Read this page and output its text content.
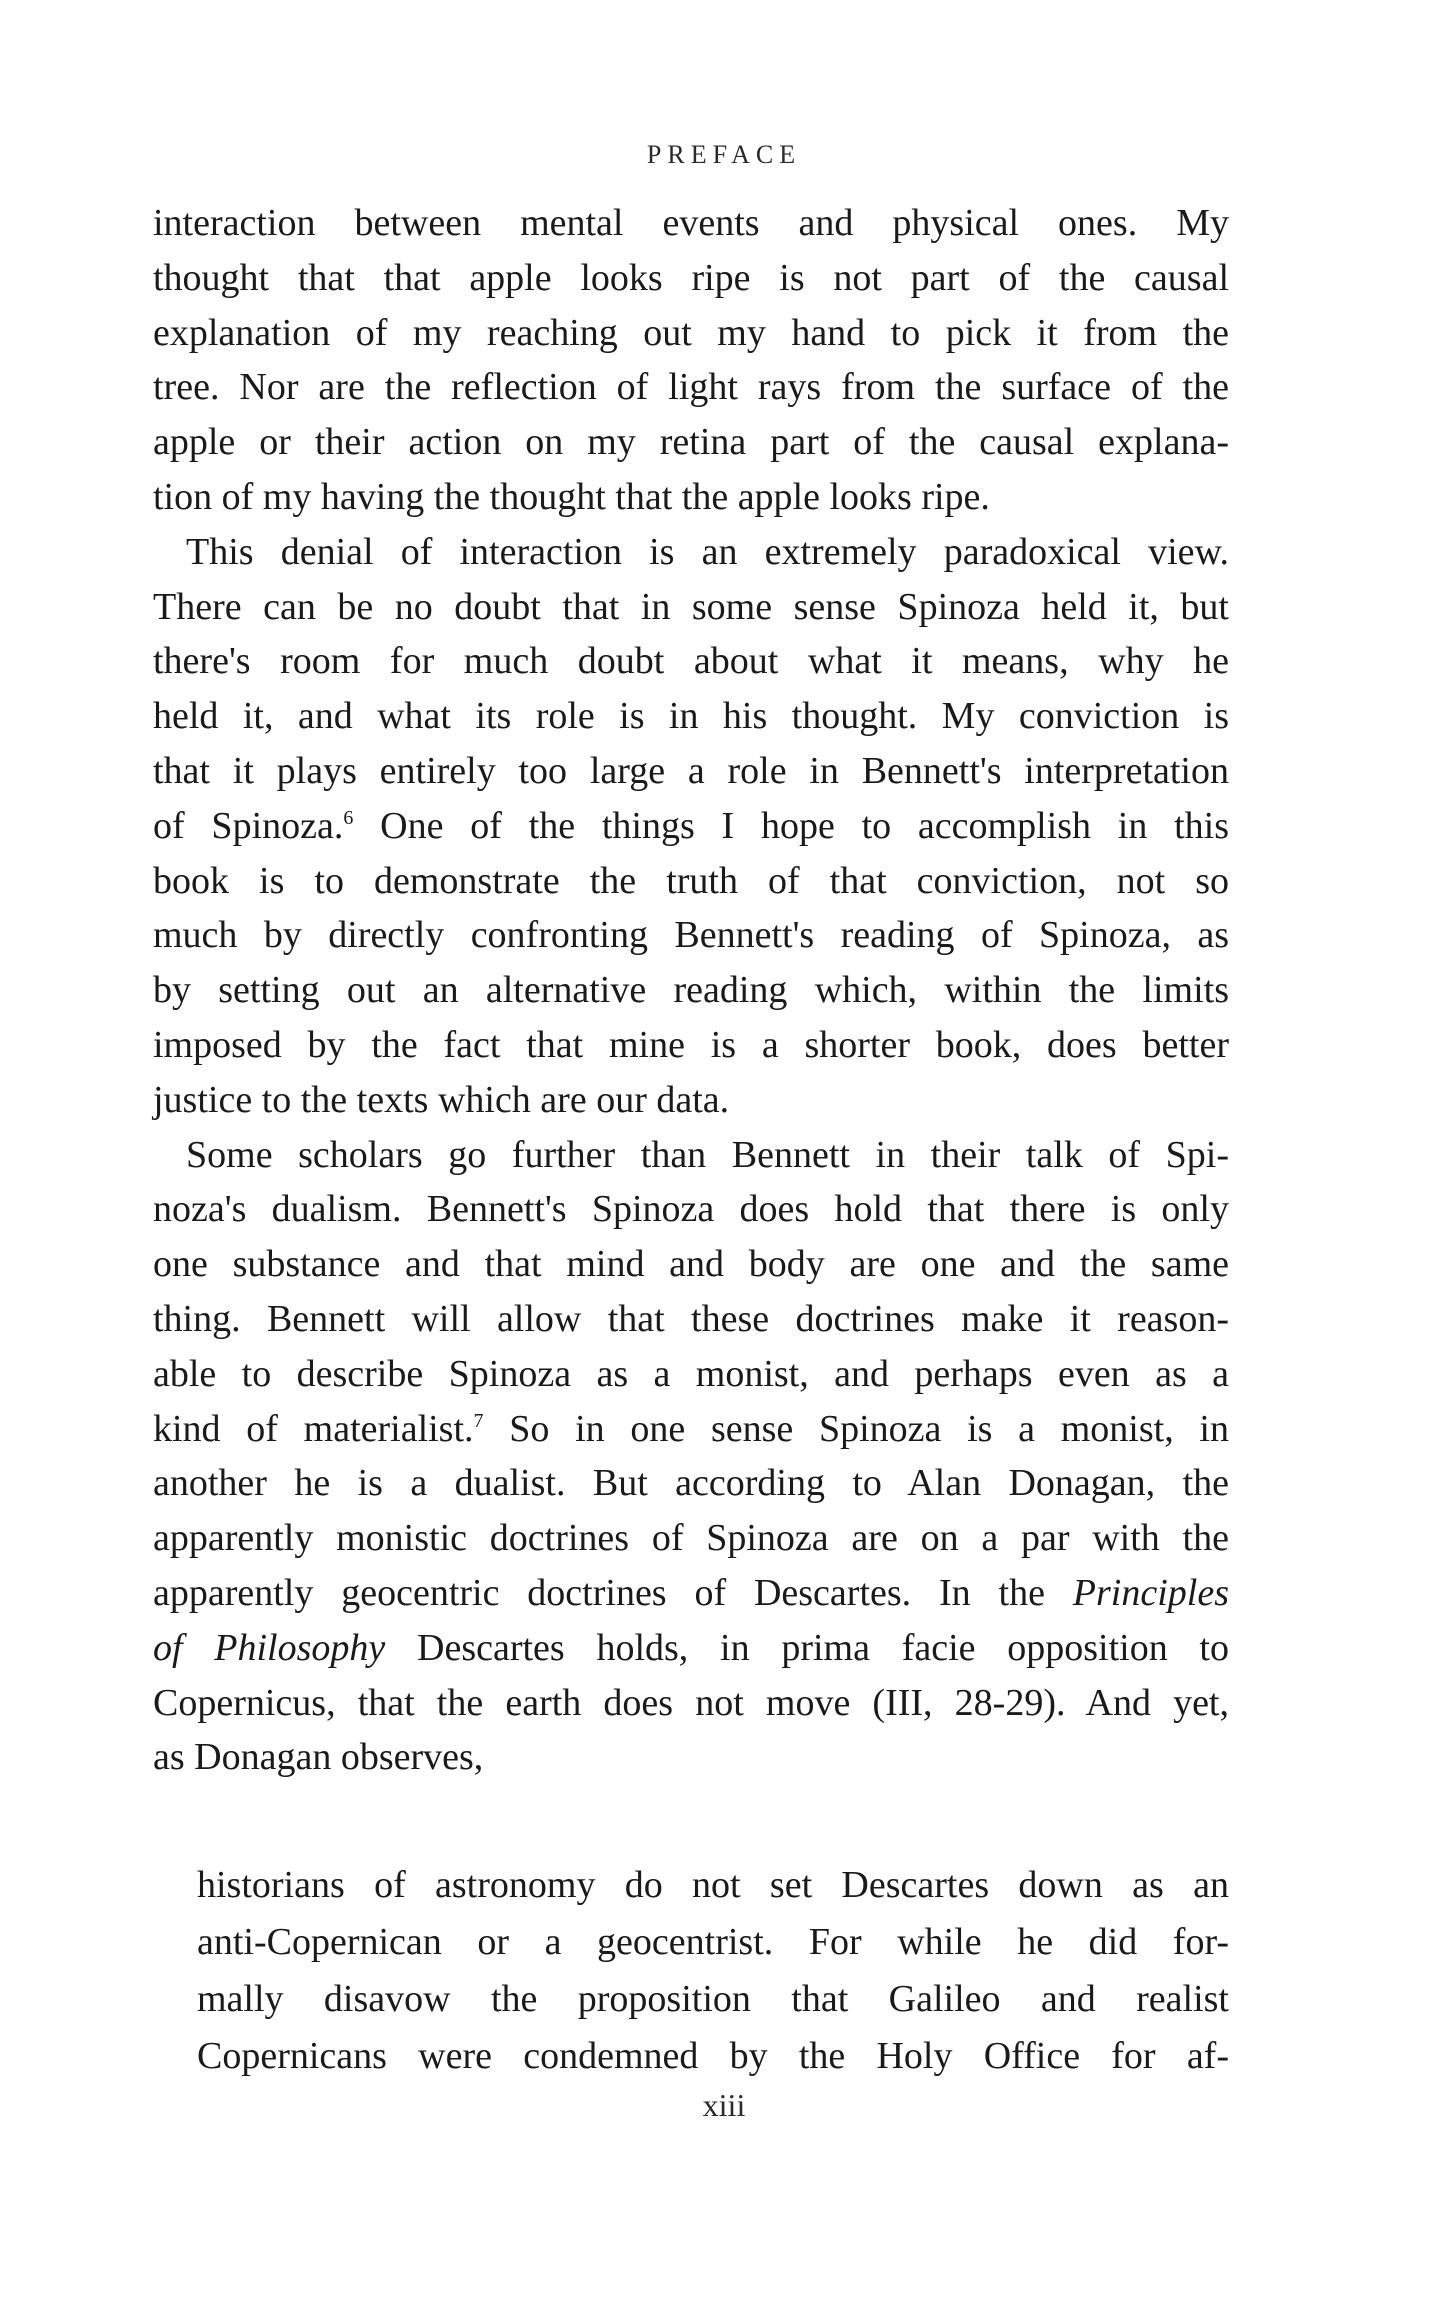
PREFACE
interaction between mental events and physical ones. My
thought that that apple looks ripe is not part of the causal
explanation of my reaching out my hand to pick it from the
tree. Nor are the reflection of light rays from the surface of the
apple or their action on my retina part of the causal explana-
tion of my having the thought that the apple looks ripe.
This denial of interaction is an extremely paradoxical view.
There can be no doubt that in some sense Spinoza held it, but
there's room for much doubt about what it means, why he
held it, and what its role is in his thought. My conviction is
that it plays entirely too large a role in Bennett's interpretation
of Spinoza.$^6$ One of the things I hope to accomplish in this
book is to demonstrate the truth of that conviction, not so
much by directly confronting Bennett's reading of Spinoza, as
by setting out an alternative reading which, within the limits
imposed by the fact that mine is a shorter book, does better
justice to the texts which are our data.
Some scholars go further than Bennett in their talk of Spi-
noza's dualism. Bennett's Spinoza does hold that there is only
one substance and that mind and body are one and the same
thing. Bennett will allow that these doctrines make it reason-
able to describe Spinoza as a monist, and perhaps even as a
kind of materialist.$^7$ So in one sense Spinoza is a monist, in
another he is a dualist. But according to Alan Donagan, the
apparently monistic doctrines of Spinoza are on a par with the
apparently geocentric doctrines of Descartes. In the Principles
of Philosophy Descartes holds, in prima facie opposition to
Copernicus, that the earth does not move (III, 28-29). And yet,
as Donagan observes,
historians of astronomy do not set Descartes down as an
anti-Copernican or a geocentrist. For while he did for-
mally disavow the proposition that Galileo and realist
Copernicans were condemned by the Holy Office for af-
xiii
